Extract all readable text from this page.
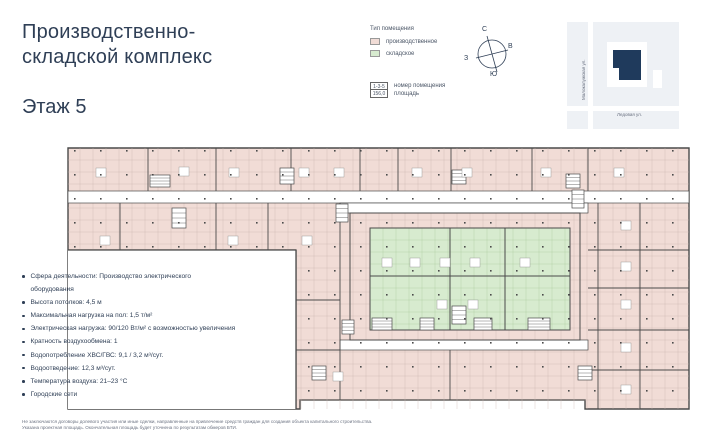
Производственно-
складской комплекс
Этаж 5
Тип помещения
производственное
складское
1-3-5
156,0
номер помещения
площадь
С
В
Ю
З
Малокалужская ул.
Ледовая ул.
Сфера деятельности: Производство электрического
оборудования
Высота потолков: 4,5 м
Максимальная нагрузка на пол: 1,5 т/м²
Электрическая нагрузка: 90/120 Вт/м² с возможностью увеличения
Кратность воздухообмена: 1
Водопотребление ХВС/ГВС: 9,1 / 3,2 м³/сут.
Водоотведение: 12,3 м³/сут.
Температура воздуха: 21–23 °С
Городские сети
Не заключаются договоры долевого участия или иные сделки, направленные на привлечение средств граждан для создания объекта капитального строительства.
Указана проектная площадь. Окончательная площадь будет уточнена по результатам обмеров БТИ.
